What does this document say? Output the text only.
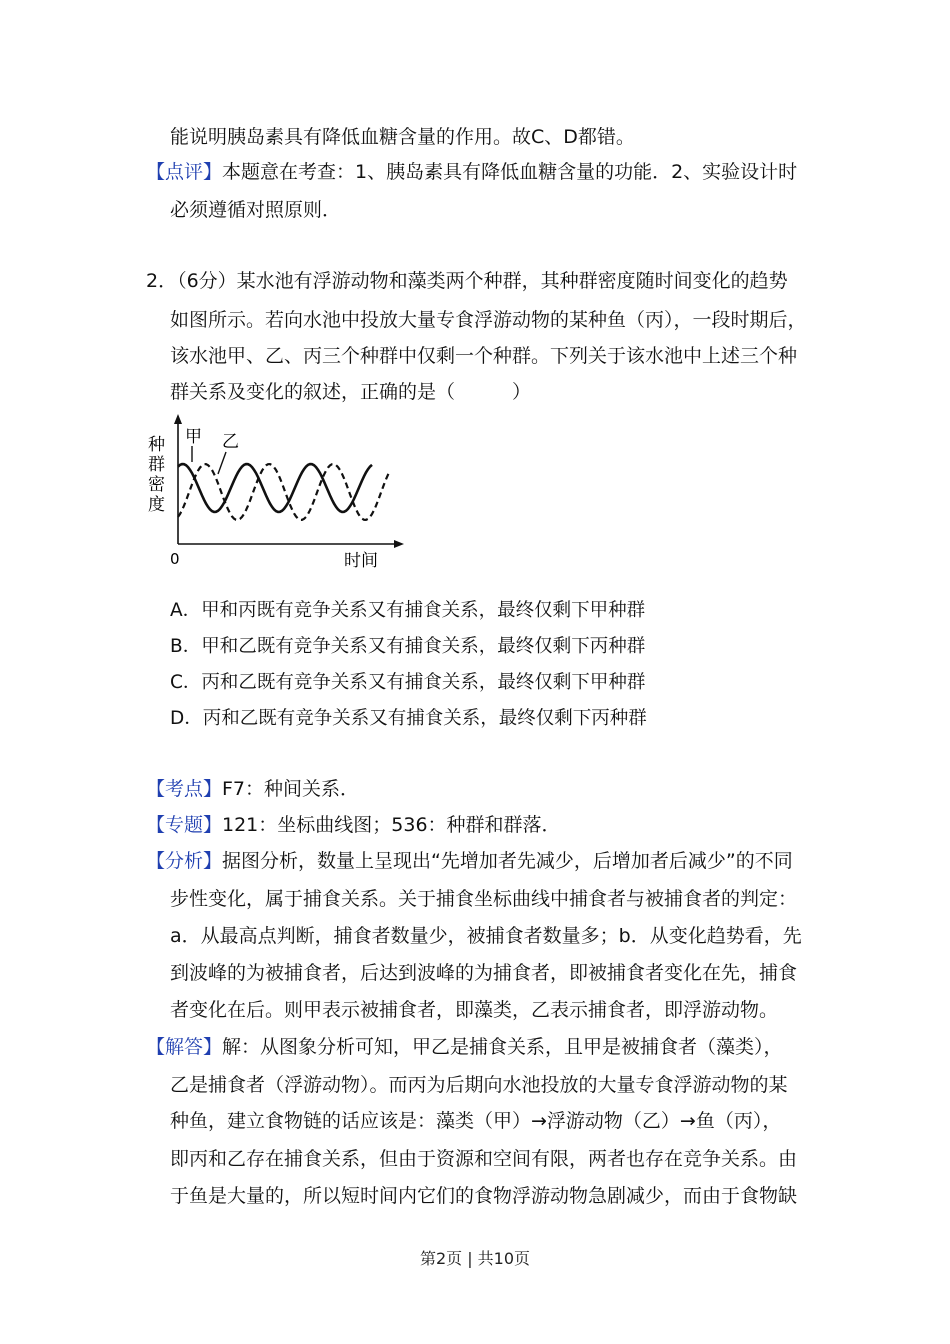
能说明胰岛素具有降低血糖含量的作用。故C、D都错。
【点评】 本题意在考查：1、胰岛素具有降低血糖含量的功能．2、实验设计时
必须遵循对照原则．
2．（6分）某水池有浮游动物和藻类两个种群，其种群密度随时间变化的趋势
如图所示。若向水池中投放大量专食浮游动物的某种鱼（丙），一段时期后，
该水池甲、乙、丙三个种群中仅剩一个种群。下列关于该水池中上述三个种
群关系及变化的叙述，正确的是（　　　）
种
群
密
度
0	时间
甲 乙
A．甲和丙既有竞争关系又有捕食关系，最终仅剩下甲种群
B．甲和乙既有竞争关系又有捕食关系，最终仅剩下丙种群
C．丙和乙既有竞争关系又有捕食关系，最终仅剩下甲种群
D．丙和乙既有竞争关系又有捕食关系，最终仅剩下丙种群
【考点】 F7：种间关系．
【专题】 121：坐标曲线图；536：种群和群落．
【分析】 据图分析，数量上呈现出“先增加者先减少，后增加者后减少”的不同
步性变化，属于捕食关系。关于捕食坐标曲线中捕食者与被捕食者的判定：
a．从最高点判断，捕食者数量少，被捕食者数量多；b．从变化趋势看，先
到波峰的为被捕食者，后达到波峰的为捕食者，即被捕食者变化在先，捕食
者变化在后。则甲表示被捕食者，即藻类，乙表示捕食者，即浮游动物。
【解答】 解：从图象分析可知，甲乙是捕食关系，且甲是被捕食者（藻类），
乙是捕食者（浮游动物）。而丙为后期向水池投放的大量专食浮游动物的某
种鱼，建立食物链的话应该是：藻类（甲）→浮游动物（乙）→鱼（丙），
即丙和乙存在捕食关系，但由于资源和空间有限，两者也存在竞争关系。由
于鱼是大量的，所以短时间内它们的食物浮游动物急剧减少，而由于食物缺
第2页 | 共10页
